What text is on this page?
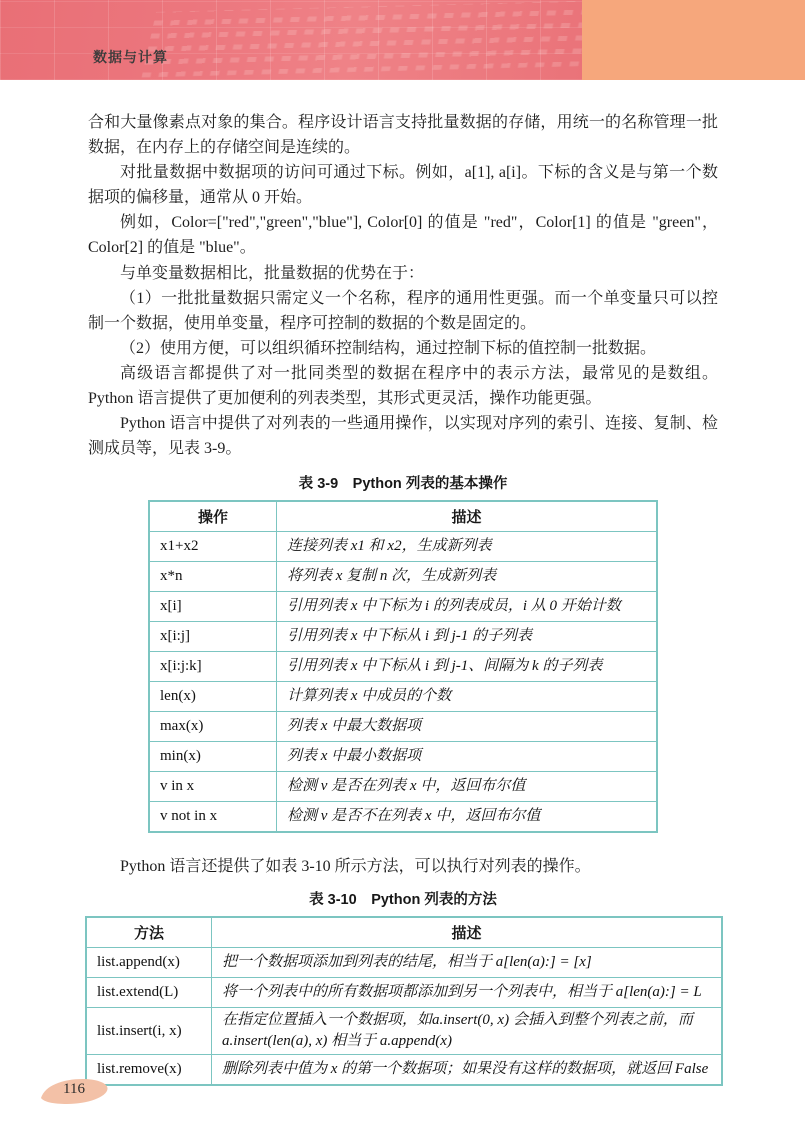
数据与计算

合和大量像素点对象的集合。程序设计语言支持批量数据的存储，用统一的名称管理一批数据，在内存上的存储空间是连续的。

对批量数据中数据项的访问可通过下标。例如，a[1], a[i]。下标的含义是与第一个数据项的偏移量，通常从 0 开始。

例如，Color=["red","green","blue"], Color[0] 的值是 "red"，Color[1] 的值是 "green"，Color[2] 的值是 "blue"。

与单变量数据相比，批量数据的优势在于：

（1）一批批量数据只需定义一个名称，程序的通用性更强。而一个单变量只可以控制一个数据，使用单变量，程序可控制的数据的个数是固定的。

（2）使用方便，可以组织循环控制结构，通过控制下标的值控制一批数据。

高级语言都提供了对一批同类型的数据在程序中的表示方法，最常见的是数组。Python 语言提供了更加便利的列表类型，其形式更灵活，操作功能更强。

Python 语言中提供了对列表的一些通用操作，以实现对序列的索引、连接、复制、检测成员等，见表 3-9。

表 3-9　Python 列表的基本操作
操作	描述
x1+x2	连接列表 x1 和 x2，生成新列表
x*n	将列表 x 复制 n 次，生成新列表
x[i]	引用列表 x 中下标为 i 的列表成员，i 从 0 开始计数
x[i:j]	引用列表 x 中下标从 i 到 j-1 的子列表
x[i:j:k]	引用列表 x 中下标从 i 到 j-1、间隔为 k 的子列表
len(x)	计算列表 x 中成员的个数
max(x)	列表 x 中最大数据项
min(x)	列表 x 中最小数据项
v in x	检测 v 是否在列表 x 中，返回布尔值
v not in x	检测 v 是否不在列表 x 中，返回布尔值

Python 语言还提供了如表 3-10 所示方法，可以执行对列表的操作。

表 3-10　Python 列表的方法
方法	描述
list.append(x)	把一个数据项添加到列表的结尾，相当于 a[len(a):] = [x]
list.extend(L)	将一个列表中的所有数据项都添加到另一个列表中，相当于 a[len(a):] = L
list.insert(i, x)	在指定位置插入一个数据项，如a.insert(0, x) 会插入到整个列表之前，而 a.insert(len(a), x) 相当于 a.append(x)
list.remove(x)	删除列表中值为 x 的第一个数据项；如果没有这样的数据项，就返回 False
116
